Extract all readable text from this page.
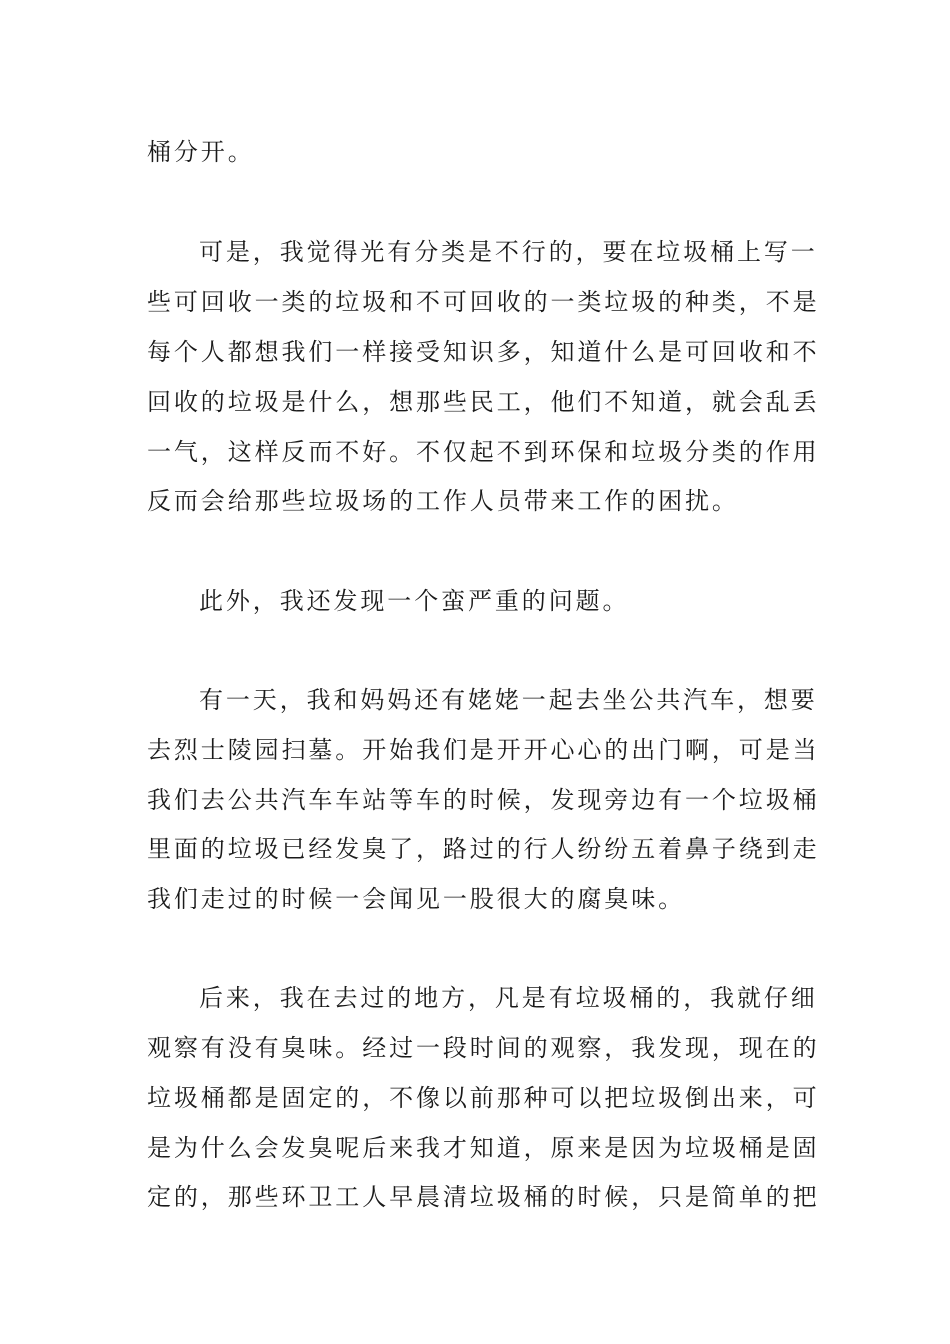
桶分开。
可是，我觉得光有分类是不行的，要在垃圾桶上写一
些可回收一类的垃圾和不可回收的一类垃圾的种类，不是
每个人都想我们一样接受知识多，知道什么是可回收和不
回收的垃圾是什么，想那些民工，他们不知道，就会乱丢
一气，这样反而不好。不仅起不到环保和垃圾分类的作用
反而会给那些垃圾场的工作人员带来工作的困扰。
此外，我还发现一个蛮严重的问题。
有一天，我和妈妈还有姥姥一起去坐公共汽车，想要
去烈士陵园扫墓。开始我们是开开心心的出门啊，可是当
我们去公共汽车车站等车的时候，发现旁边有一个垃圾桶
里面的垃圾已经发臭了，路过的行人纷纷五着鼻子绕到走
我们走过的时候一会闻见一股很大的腐臭味。
后来，我在去过的地方，凡是有垃圾桶的，我就仔细
观察有没有臭味。经过一段时间的观察，我发现，现在的
垃圾桶都是固定的，不像以前那种可以把垃圾倒出来，可
是为什么会发臭呢后来我才知道，原来是因为垃圾桶是固
定的，那些环卫工人早晨清垃圾桶的时候，只是简单的把
